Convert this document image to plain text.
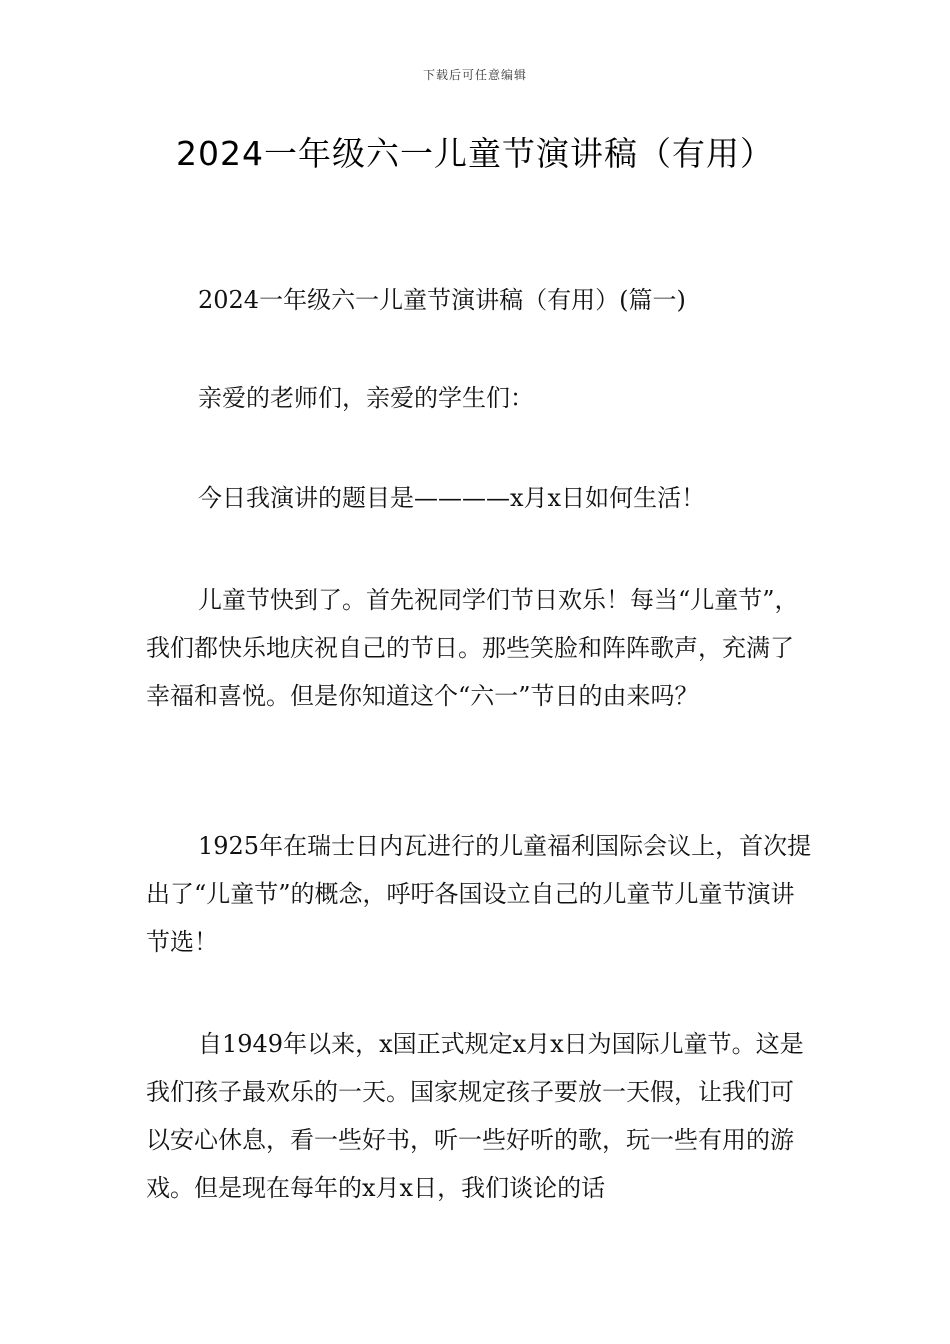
下载后可任意编辑
2024一年级六一儿童节演讲稿（有用）

2024一年级六一儿童节演讲稿（有用）(篇一)

亲爱的老师们，亲爱的学生们：

今日我演讲的题目是————x月x日如何生活！

儿童节快到了。首先祝同学们节日欢乐！每当“儿童节”，我们都快乐地庆祝自己的节日。那些笑脸和阵阵歌声，充满了幸福和喜悦。但是你知道这个“六一”节日的由来吗？

1925年在瑞士日内瓦进行的儿童福利国际会议上，首次提出了“儿童节”的概念，呼吁各国设立自己的儿童节儿童节演讲节选！

自1949年以来，x国正式规定x月x日为国际儿童节。这是我们孩子最欢乐的一天。国家规定孩子要放一天假，让我们可以安心休息，看一些好书，听一些好听的歌，玩一些有用的游戏。但是现在每年的x月x日，我们谈论的话
